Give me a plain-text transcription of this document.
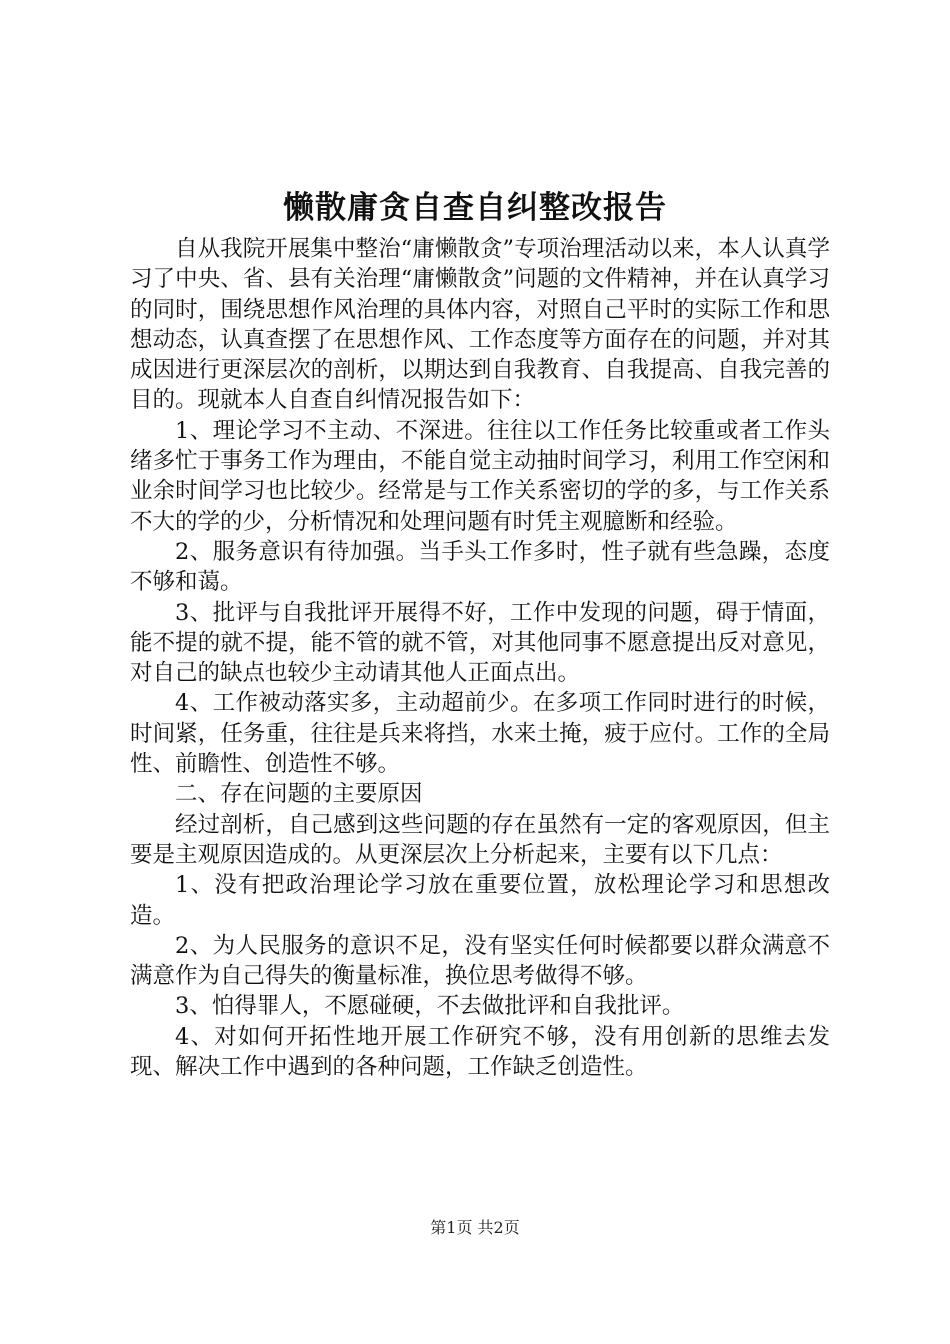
懒散庸贪自查自纠整改报告

自从我院开展集中整治“庸懒散贪”专项治理活动以来，本人认真学习了中央、省、县有关治理“庸懒散贪”问题的文件精神，并在认真学习的同时，围绕思想作风治理的具体内容，对照自己平时的实际工作和思想动态，认真查摆了在思想作风、工作态度等方面存在的问题，并对其成因进行更深层次的剖析，以期达到自我教育、自我提高、自我完善的目的。现就本人自查自纠情况报告如下：

1、理论学习不主动、不深进。往往以工作任务比较重或者工作头绪多忙于事务工作为理由，不能自觉主动抽时间学习，利用工作空闲和业余时间学习也比较少。经常是与工作关系密切的学的多，与工作关系不大的学的少，分析情况和处理问题有时凭主观臆断和经验。

2、服务意识有待加强。当手头工作多时，性子就有些急躁，态度不够和蔼。

3、批评与自我批评开展得不好，工作中发现的问题，碍于情面，能不提的就不提，能不管的就不管，对其他同事不愿意提出反对意见，对自己的缺点也较少主动请其他人正面点出。

4、工作被动落实多，主动超前少。在多项工作同时进行的时候，时间紧，任务重，往往是兵来将挡，水来土掩，疲于应付。工作的全局性、前瞻性、创造性不够。

二、存在问题的主要原因

经过剖析，自己感到这些问题的存在虽然有一定的客观原因，但主要是主观原因造成的。从更深层次上分析起来，主要有以下几点：

1、没有把政治理论学习放在重要位置，放松理论学习和思想改造。

2、为人民服务的意识不足，没有坚实任何时候都要以群众满意不满意作为自己得失的衡量标准，换位思考做得不够。

3、怕得罪人，不愿碰硬，不去做批评和自我批评。

4、对如何开拓性地开展工作研究不够，没有用创新的思维去发现、解决工作中遇到的各种问题，工作缺乏创造性。

第1页 共2页
